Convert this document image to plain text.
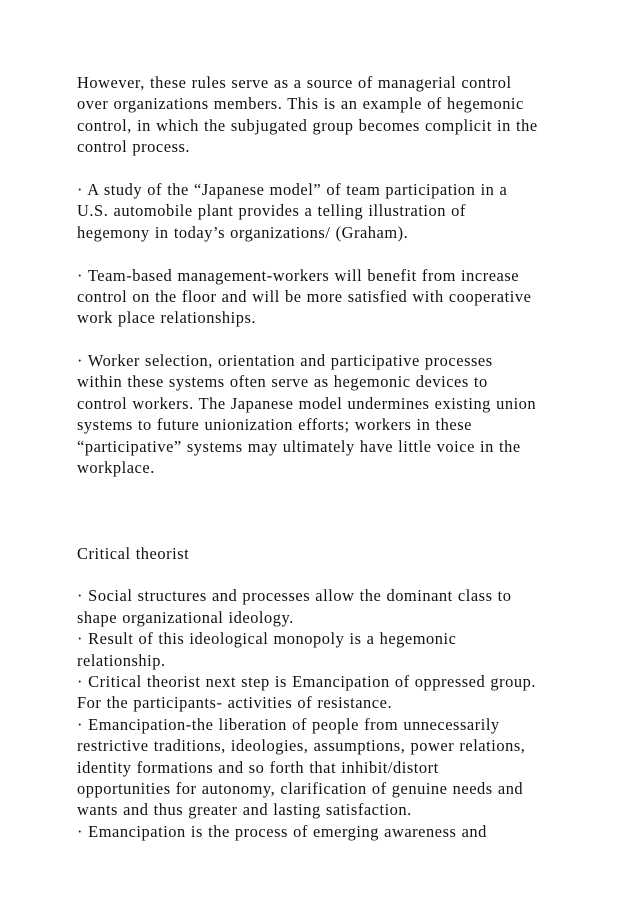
However, these rules serve as a source of managerial control
over organizations members. This is an example of hegemonic
control, in which the subjugated group becomes complicit in the
control process.
· A study of the “Japanese model” of team participation in a
U.S. automobile plant provides a telling illustration of
hegemony in today’s organizations/ (Graham).
· Team-based management-workers will benefit from increase
control on the floor and will be more satisfied with cooperative
work place relationships.
· Worker selection, orientation and participative processes
within these systems often serve as hegemonic devices to
control workers. The Japanese model undermines existing union
systems to future unionization efforts; workers in these
“participative” systems may ultimately have little voice in the
workplace.
Critical theorist
· Social structures and processes allow the dominant class to
shape organizational ideology.
· Result of this ideological monopoly is a hegemonic
relationship.
· Critical theorist next step is Emancipation of oppressed group.
For the participants- activities of resistance.
· Emancipation-the liberation of people from unnecessarily
restrictive traditions, ideologies, assumptions, power relations,
identity formations and so forth that inhibit/distort
opportunities for autonomy, clarification of genuine needs and
wants and thus greater and lasting satisfaction.
· Emancipation is the process of emerging awareness and
